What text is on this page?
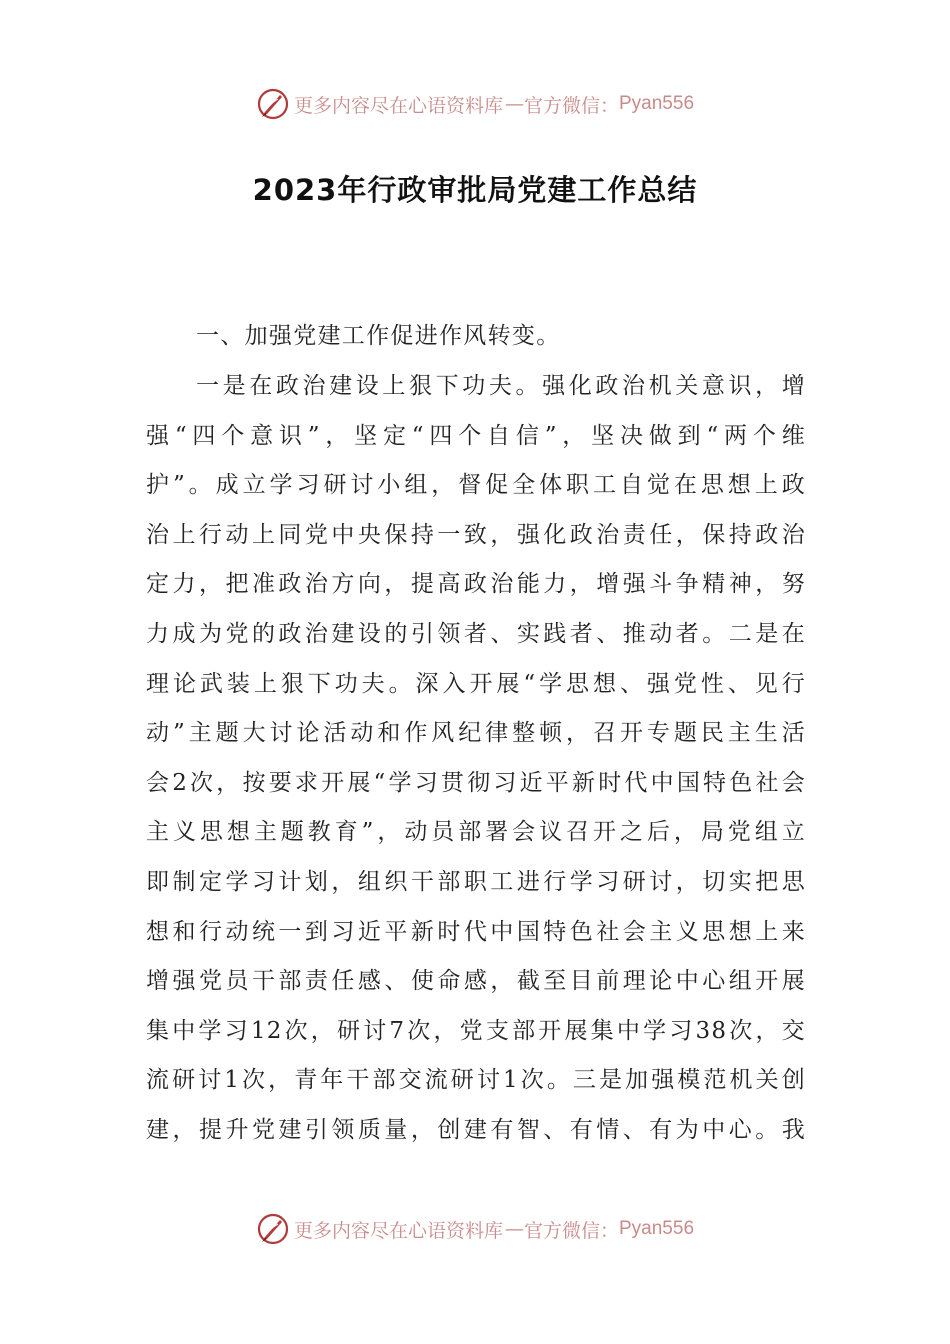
更多内容尽在心语资料库 — 官方微信： Pyan556
2023年行政审批局党建工作总结
一、加强党建工作促进作风转变。
一是在政治建设上狠下功夫。强化政治机关意识，增
强“四个意识”，坚定“四个自信”，坚决做到“两个维
护”。成立学习研讨小组，督促全体职工自觉在思想上政
治上行动上同党中央保持一致，强化政治责任，保持政治
定力，把准政治方向，提高政治能力，增强斗争精神，努
力成为党的政治建设的引领者、实践者、推动者。二是在
理论武装上狠下功夫。深入开展“学思想、强党性、见行
动”主题大讨论活动和作风纪律整顿，召开专题民主生活
会2次，按要求开展“学习贯彻习近平新时代中国特色社会
主义思想主题教育”，动员部署会议召开之后，局党组立
即制定学习计划，组织干部职工进行学习研讨，切实把思
想和行动统一到习近平新时代中国特色社会主义思想上来
增强党员干部责任感、使命感，截至目前理论中心组开展
集中学习12次，研讨7次，党支部开展集中学习38次，交
流研讨1次，青年干部交流研讨1次。三是加强模范机关创
建，提升党建引领质量，创建有智、有情、有为中心。我
更多内容尽在心语资料库 — 官方微信： Pyan556
